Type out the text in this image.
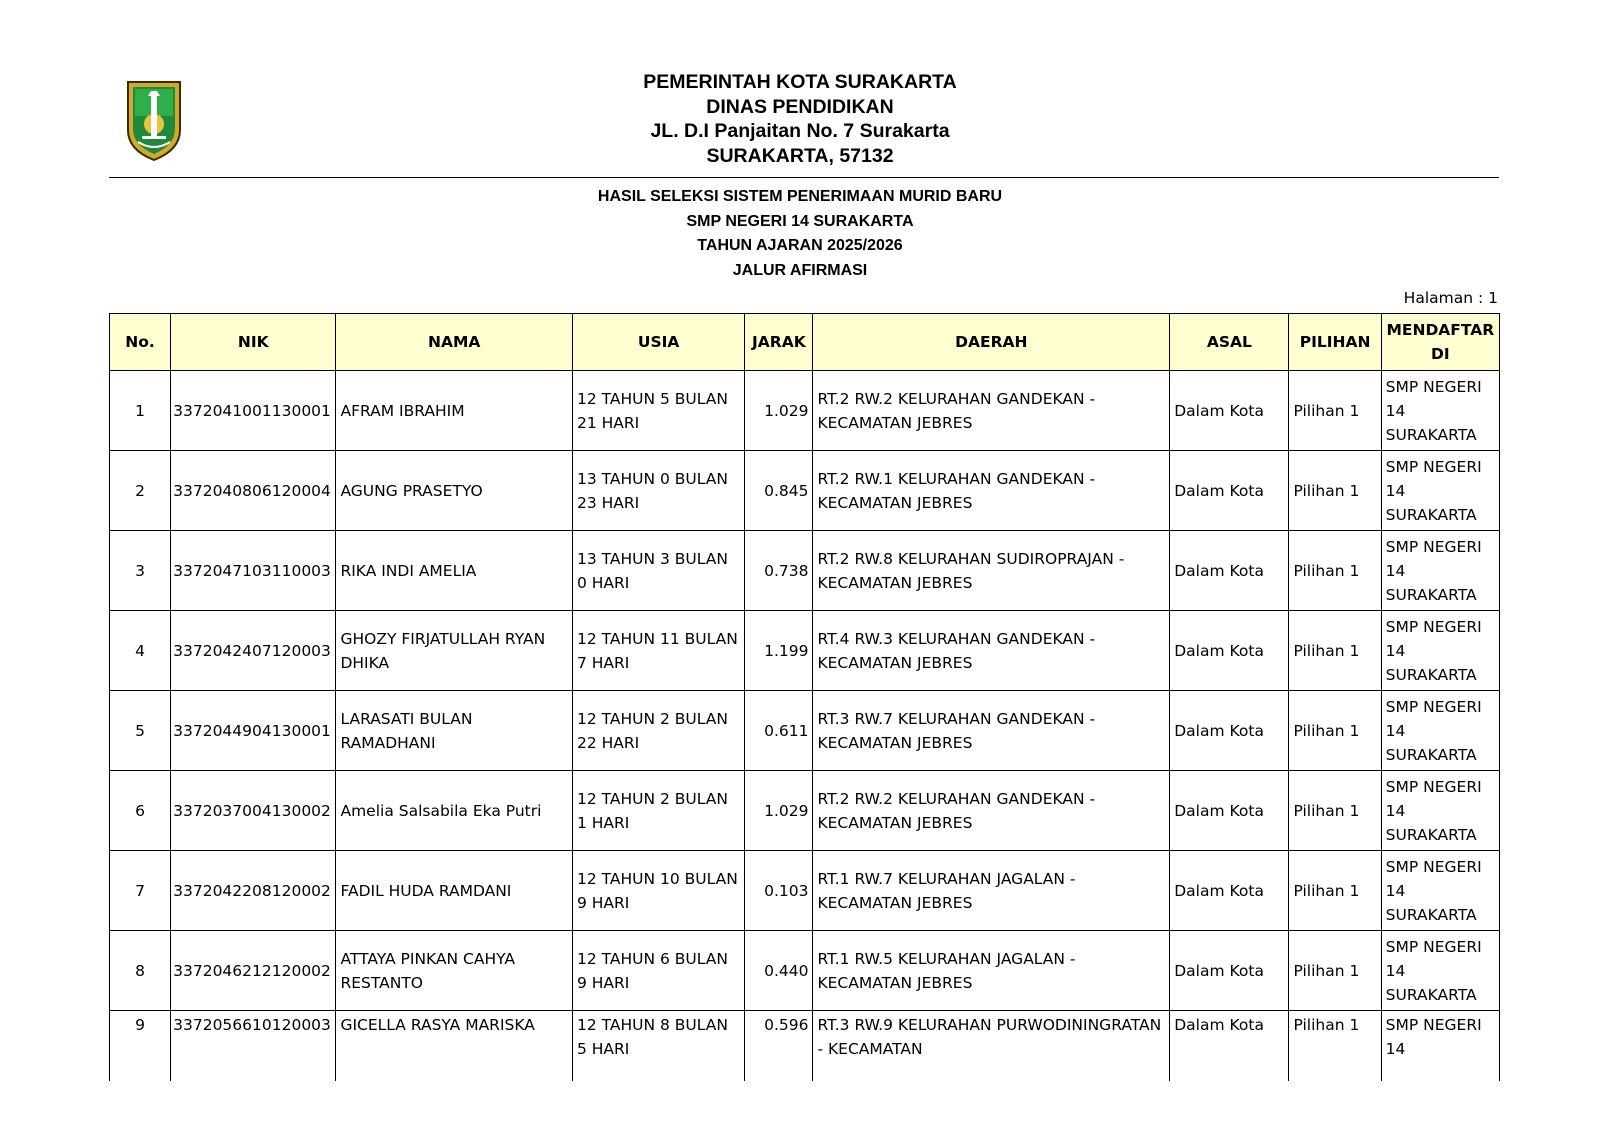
PEMERINTAH KOTA SURAKARTA
DINAS PENDIDIKAN
JL. D.I Panjaitan No. 7 Surakarta
SURAKARTA, 57132
HASIL SELEKSI SISTEM PENERIMAAN MURID BARU
SMP NEGERI 14 SURAKARTA
TAHUN AJARAN 2025/2026
JALUR AFIRMASI
Halaman : 1
No.	NIK	NAMA	USIA	JARAK	DAERAH	ASAL	PILIHAN	MENDAFTAR DI
1	3372041001130001	AFRAM IBRAHIM	12 TAHUN 5 BULAN 21 HARI	1.029	RT.2 RW.2 KELURAHAN GANDEKAN - KECAMATAN JEBRES	Dalam Kota	Pilihan 1	SMP NEGERI 14 SURAKARTA
2	3372040806120004	AGUNG PRASETYO	13 TAHUN 0 BULAN 23 HARI	0.845	RT.2 RW.1 KELURAHAN GANDEKAN - KECAMATAN JEBRES	Dalam Kota	Pilihan 1	SMP NEGERI 14 SURAKARTA
3	3372047103110003	RIKA INDI AMELIA	13 TAHUN 3 BULAN 0 HARI	0.738	RT.2 RW.8 KELURAHAN SUDIROPRAJAN - KECAMATAN JEBRES	Dalam Kota	Pilihan 1	SMP NEGERI 14 SURAKARTA
4	3372042407120003	GHOZY FIRJATULLAH RYAN DHIKA	12 TAHUN 11 BULAN 7 HARI	1.199	RT.4 RW.3 KELURAHAN GANDEKAN - KECAMATAN JEBRES	Dalam Kota	Pilihan 1	SMP NEGERI 14 SURAKARTA
5	3372044904130001	LARASATI BULAN RAMADHANI	12 TAHUN 2 BULAN 22 HARI	0.611	RT.3 RW.7 KELURAHAN GANDEKAN - KECAMATAN JEBRES	Dalam Kota	Pilihan 1	SMP NEGERI 14 SURAKARTA
6	3372037004130002	Amelia Salsabila Eka Putri	12 TAHUN 2 BULAN 1 HARI	1.029	RT.2 RW.2 KELURAHAN GANDEKAN - KECAMATAN JEBRES	Dalam Kota	Pilihan 1	SMP NEGERI 14 SURAKARTA
7	3372042208120002	FADIL HUDA RAMDANI	12 TAHUN 10 BULAN 9 HARI	0.103	RT.1 RW.7 KELURAHAN JAGALAN - KECAMATAN JEBRES	Dalam Kota	Pilihan 1	SMP NEGERI 14 SURAKARTA
8	3372046212120002	ATTAYA PINKAN CAHYA RESTANTO	12 TAHUN 6 BULAN 9 HARI	0.440	RT.1 RW.5 KELURAHAN JAGALAN - KECAMATAN JEBRES	Dalam Kota	Pilihan 1	SMP NEGERI 14 SURAKARTA
9	3372056610120003	GICELLA RASYA MARISKA	12 TAHUN 8 BULAN 5 HARI	0.596	RT.3 RW.9 KELURAHAN PURWODININGRATAN - KECAMATAN	Dalam Kota	Pilihan 1	SMP NEGERI 14
